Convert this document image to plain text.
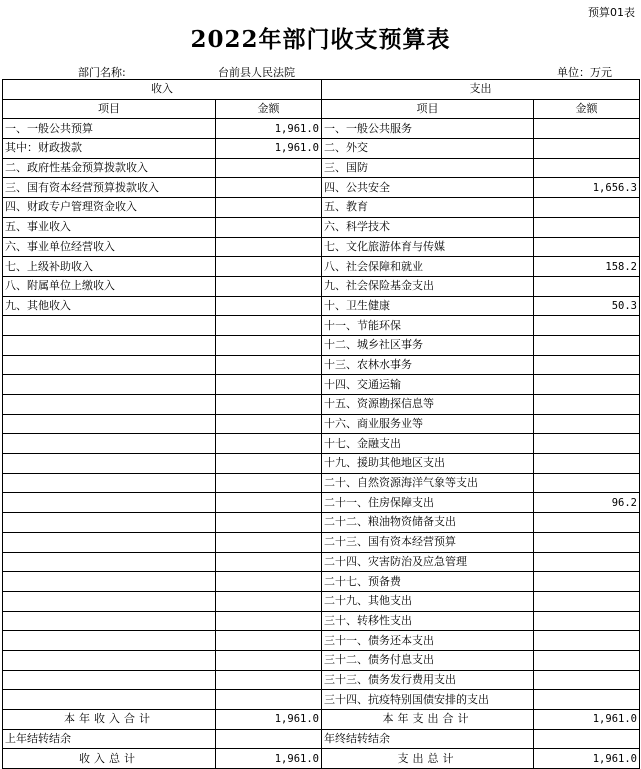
预算01表
2022年部门收支预算表
部门名称:	台前县人民法院	单位：万元
收入		支出	
项目	金额	项目	金额
一、一般公共预算	1,961.0	一、一般公共服务	
其中：财政拨款	1,961.0	二、外交	
二、政府性基金预算拨款收入		三、国防	
三、国有资本经营预算拨款收入		四、公共安全	1,656.3
四、财政专户管理资金收入		五、教育	
五、事业收入		六、科学技术	
六、事业单位经营收入		七、文化旅游体育与传媒	
七、上级补助收入		八、社会保障和就业	158.2
八、附属单位上缴收入		九、社会保险基金支出	
九、其他收入		十、卫生健康	50.3
		十一、节能环保	
		十二、城乡社区事务	
		十三、农林水事务	
		十四、交通运输	
		十五、资源勘探信息等	
		十六、商业服务业等	
		十七、金融支出	
		十九、援助其他地区支出	
		二十、自然资源海洋气象等支出	
		二十一、住房保障支出	96.2
		二十二、粮油物资储备支出	
		二十三、国有资本经营预算	
		二十四、灾害防治及应急管理	
		二十七、预备费	
		二十九、其他支出	
		三十、转移性支出	
		三十一、债务还本支出	
		三十二、债务付息支出	
		三十三、债务发行费用支出	
		三十四、抗疫特别国债安排的支出	
本年收入合计	1,961.0	本年支出合计	1,961.0
上年结转结余		年终结转结余	
收入总计	1,961.0	支出总计	1,961.0
